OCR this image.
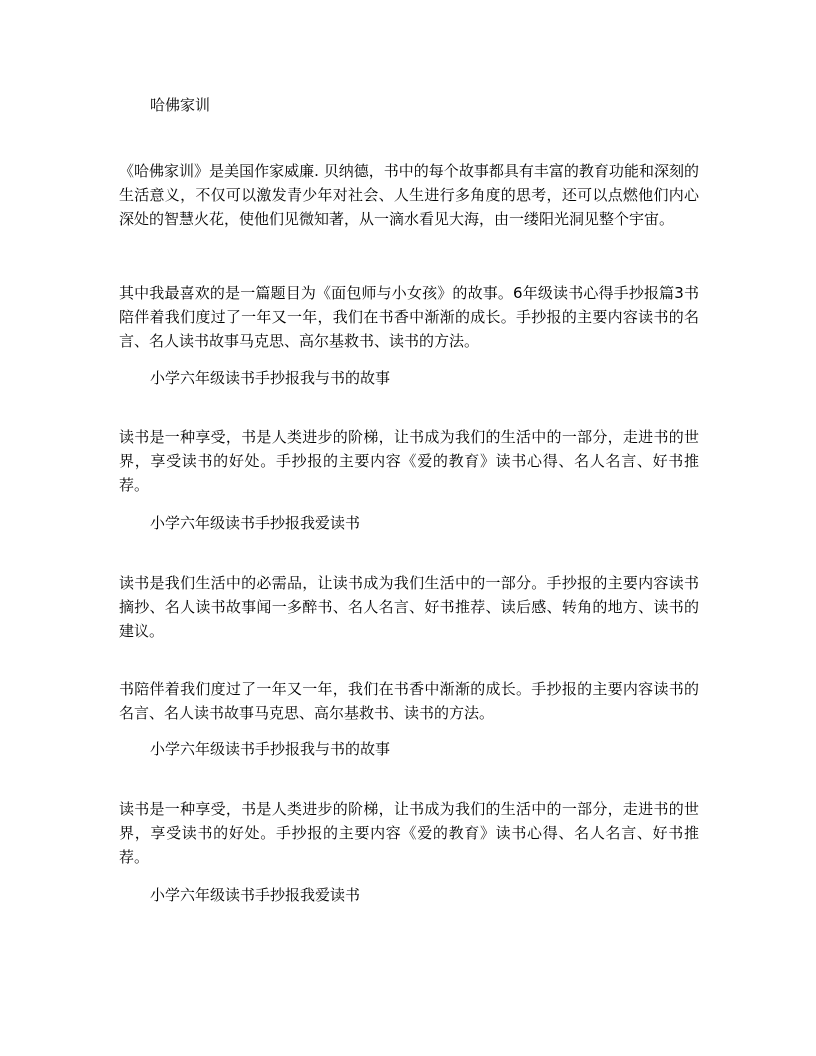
哈佛家训

《哈佛家训》是美国作家威廉. 贝纳德，书中的每个故事都具有丰富的教育功能和深刻的生活意义，不仅可以激发青少年对社会、人生进行多角度的思考，还可以点燃他们内心深处的智慧火花，使他们见微知著，从一滴水看见大海，由一缕阳光洞见整个宇宙。

其中我最喜欢的是一篇题目为《面包师与小女孩》的故事。6年级读书心得手抄报篇3书陪伴着我们度过了一年又一年，我们在书香中渐渐的成长。手抄报的主要内容读书的名言、名人读书故事马克思、高尔基救书、读书的方法。

小学六年级读书手抄报我与书的故事

读书是一种享受，书是人类进步的阶梯，让书成为我们的生活中的一部分，走进书的世界，享受读书的好处。手抄报的主要内容《爱的教育》读书心得、名人名言、好书推荐。

小学六年级读书手抄报我爱读书

读书是我们生活中的必需品，让读书成为我们生活中的一部分。手抄报的主要内容读书摘抄、名人读书故事闻一多醉书、名人名言、好书推荐、读后感、转角的地方、读书的建议。

书陪伴着我们度过了一年又一年，我们在书香中渐渐的成长。手抄报的主要内容读书的名言、名人读书故事马克思、高尔基救书、读书的方法。

小学六年级读书手抄报我与书的故事

读书是一种享受，书是人类进步的阶梯，让书成为我们的生活中的一部分，走进书的世界，享受读书的好处。手抄报的主要内容《爱的教育》读书心得、名人名言、好书推荐。

小学六年级读书手抄报我爱读书
